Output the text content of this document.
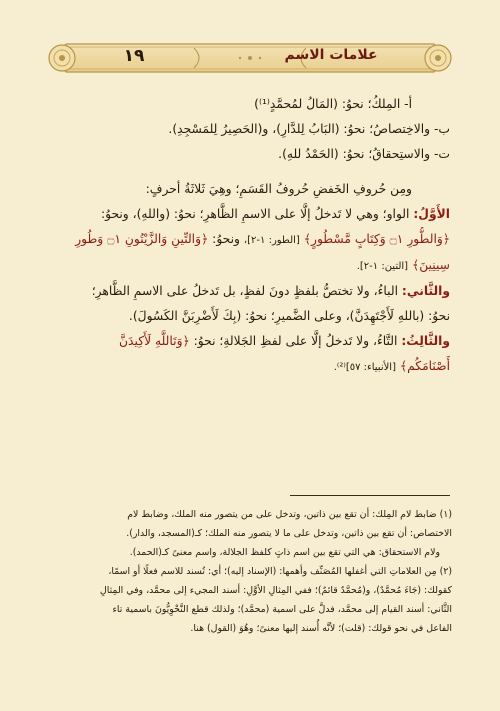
١٩	علامات الاسم
أ- المِلكُ؛ نحوُ: (المَالُ لمُحمَّدٍ⁽¹⁾)
ب- والاخِتصاصُ؛ نحوُ: (البَابُ لِلدَّارِ)، و(الحَصِيرُ لِلمَسْجِدِ).
ت- والاستِحقاقُ؛ نحوُ: (الحَمْدُ للهِ).
ومِن حُروفِ الخَفضِ حُروفُ القَسَمِ؛ وهِيَ ثَلاثَةُ أحرفٍ:
الأَوَّلُ: الواو؛ وهي لا تَدخلُ إلَّا على الاسمِ الظَّاهرِ؛ نحوُ: (واللهِ)، ونحوُ:
﴿وَالطُّورِ ۝١ وَكِتَابٍ مَّسْطُورٍ﴾ [الطور: ١-٢]، ونحوُ: ﴿وَالتِّينِ وَالزَّيْتُونِ ۝١ وَطُورِ
سِينِينَ﴾ [التين: ١-٢].
والثَّاني: الباءُ، ولا تختصُّ بلفظٍ دونَ لفظٍ، بل تَدخلُ على الاسمِ الظَّاهرِ؛
نحوُ: (باللهِ لَأَجْتَهِدَنَّ)، وعلى الضَّميرِ؛ نحوُ: (بِكَ لَأَضْرِبَنَّ الكَسُولَ).
والثَّالِثُ: التَّاءُ، ولا تَدخلُ إلَّا على لفظِ الجَلالةِ؛ نحوُ: ﴿وَتَاللَّهِ لَأَكِيدَنَّ
أَصْنَامَكُم﴾ [الأنبياء: ٥٧]⁽²⁾.
(١) ضابط لام المِلك: أن تقع بين ذاتين، وتدخل على من يتصور منه الملك، وضابط لام
الاختصاص: أن تقع بين ذاتين، وتدخل على ما لا يتصور منه الملك؛ كـ(المسجد، والدار).
ولام الاستحقاق: هي التي تقع بين اسم ذاتٍ كلفظ الجلالة، واسم معنىً كـ(الحمد).
(٢) مِن العلاماتِ التي أغفلها المُصَنِّف وأهمها: (الإسناد إليه)؛ أي: تُسند للاسم فعلًا أو اسمًا،
كقولك: (جَاءَ مُحمَّدٌ)، و(مُحمَّدٌ قائمٌ)؛ ففي المِثالِ الأوَّلِ: أسند المجيء إلى محمَّد، وفي المِثالِ
الثَّاني: أسند القيام إلى محمَّد، فدلَّ على اسمية (محمَّد)؛ ولذلك قطع النَّحْوِيُّونَ باسمية تاء
الفاعل في نحو قولك: (قلت)؛ لأنَّه أُسند إليها معنىً؛ وهُوَ (القول) هنا.
